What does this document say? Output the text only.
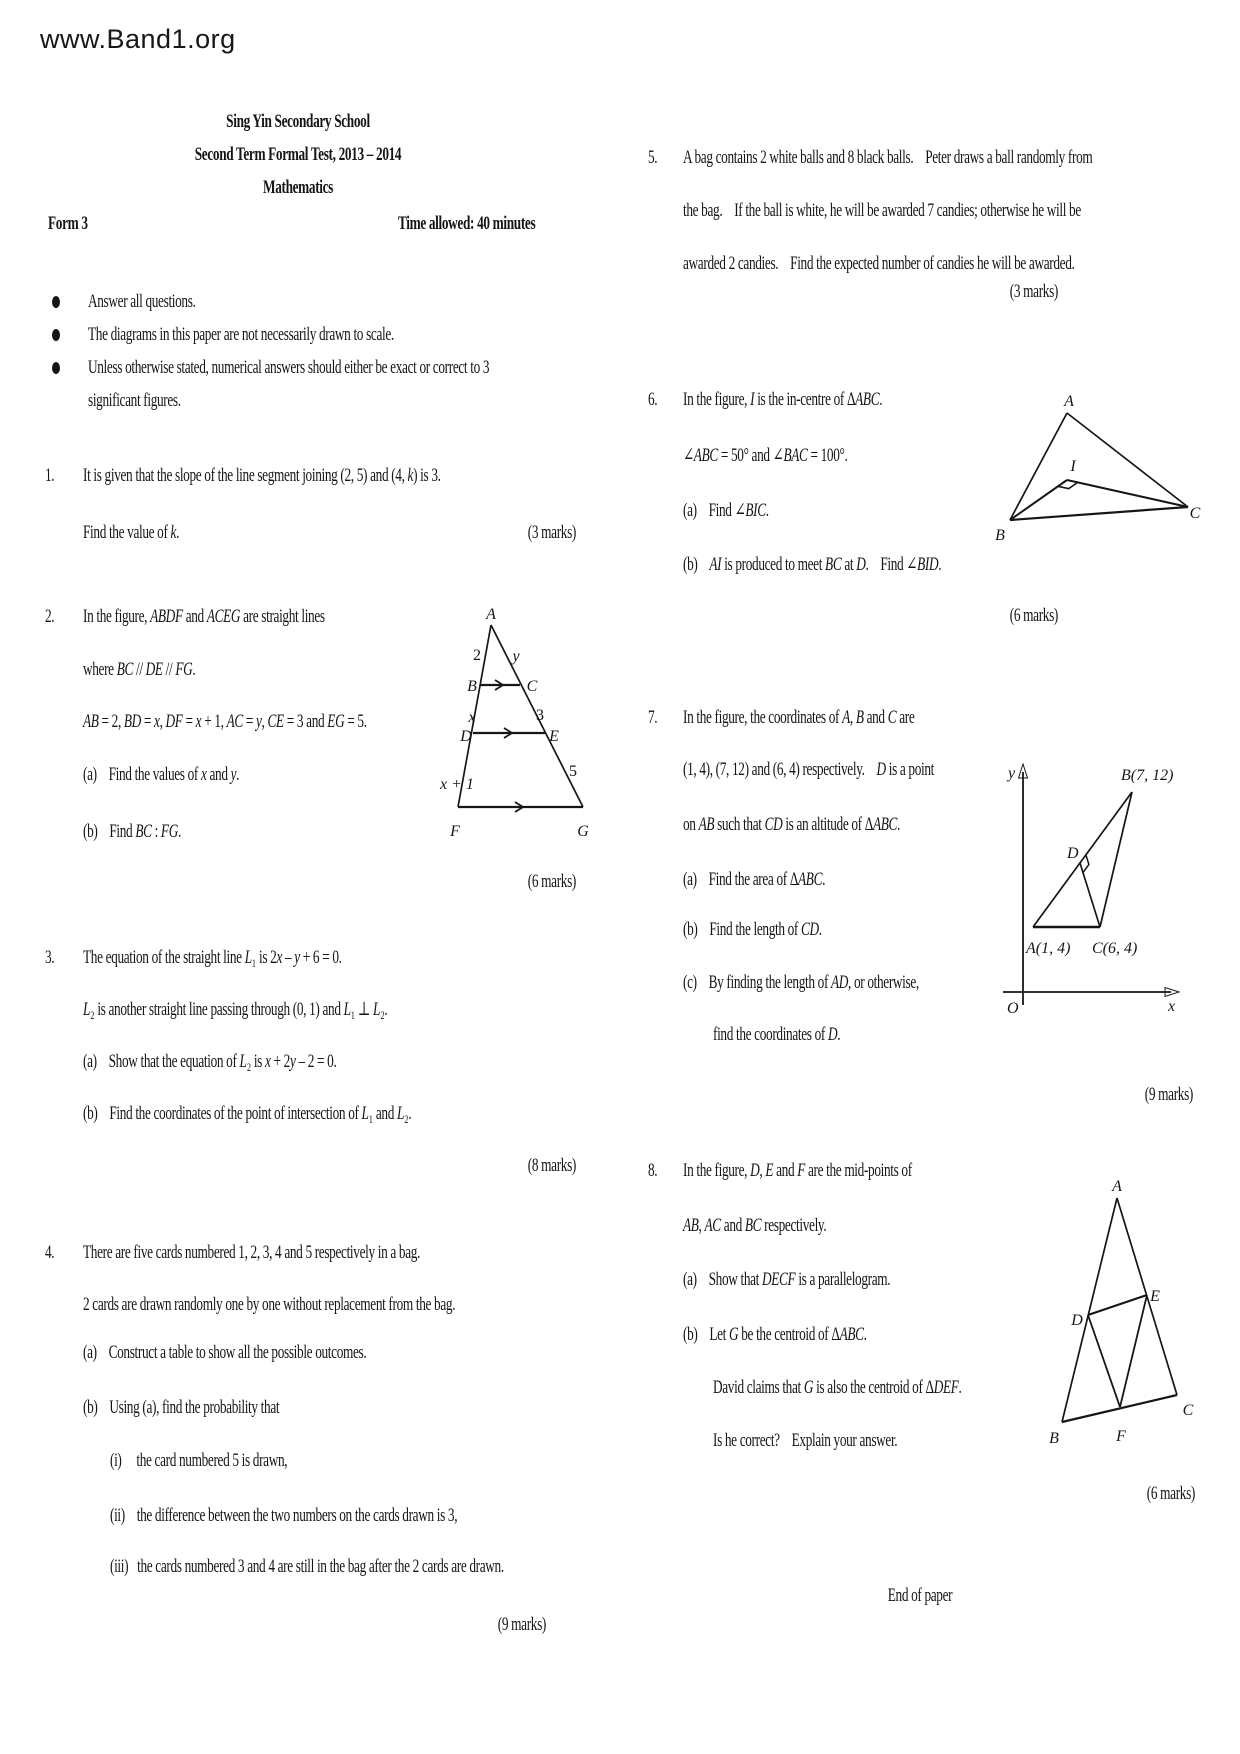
www.Band1.org
Sing Yin Secondary School
Second Term Formal Test, 2013 – 2014
Mathematics
Form 3	Time allowed: 40 minutes
Answer all questions.
The diagrams in this paper are not necessarily drawn to scale.
Unless otherwise stated, numerical answers should either be exact or correct to 3
significant figures.
1. It is given that the slope of the line segment joining (2, 5) and (4, k) is 3.
Find the value of k.	(3 marks)
2. In the figure, ABDF and ACEG are straight lines
where BC // DE // FG.
AB = 2, BD = x, DF = x + 1, AC = y, CE = 3 and EG = 5.
(a)    Find the values of x and y.
(b)    Find BC : FG.
(6 marks)
A
2 y
B	C
x	3
D	E
x + 1
5
F	G
3. The equation of the straight line L₁ is 2x – y + 6 = 0.
L₂ is another straight line passing through (0, 1) and L₁ ⊥ L₂.
(a)    Show that the equation of L₂ is x + 2y – 2 = 0.
(b)    Find the coordinates of the point of intersection of L₁ and L₂.
(8 marks)
4. There are five cards numbered 1, 2, 3, 4 and 5 respectively in a bag.
2 cards are drawn randomly one by one without replacement from the bag.
(a)    Construct a table to show all the possible outcomes.
(b)    Using (a), find the probability that
(i)     the card numbered 5 is drawn,
(ii)    the difference between the two numbers on the cards drawn is 3,
(iii)   the cards numbered 3 and 4 are still in the bag after the 2 cards are drawn.
(9 marks)
5. A bag contains 2 white balls and 8 black balls.    Peter draws a ball randomly from
the bag.    If the ball is white, he will be awarded 7 candies; otherwise he will be
awarded 2 candies.    Find the expected number of candies he will be awarded.
(3 marks)
6. In the figure, I is the in-centre of ΔABC.
∠ABC = 50° and ∠BAC = 100°.
(a)    Find ∠BIC.
(b)    AI is produced to meet BC at D.    Find ∠BID.
(6 marks)
A
I
B
C
7. In the figure, the coordinates of A, B and C are
(1, 4), (7, 12) and (6, 4) respectively.    D is a point
on AB such that CD is an altitude of ΔABC.
(a)    Find the area of ΔABC.
(b)    Find the length of CD.
(c)    By finding the length of AD, or otherwise,
find the coordinates of D.
(9 marks)
y
x
O
B(7, 12)
D
A(1, 4) C(6, 4)
8. In the figure, D, E and F are the mid-points of
AB, AC and BC respectively.
(a)    Show that DECF is a parallelogram.
(b)    Let G be the centroid of ΔABC.
David claims that G is also the centroid of ΔDEF.
Is he correct?    Explain your answer.
(6 marks)
A
B
C
D
E
F
End of paper
